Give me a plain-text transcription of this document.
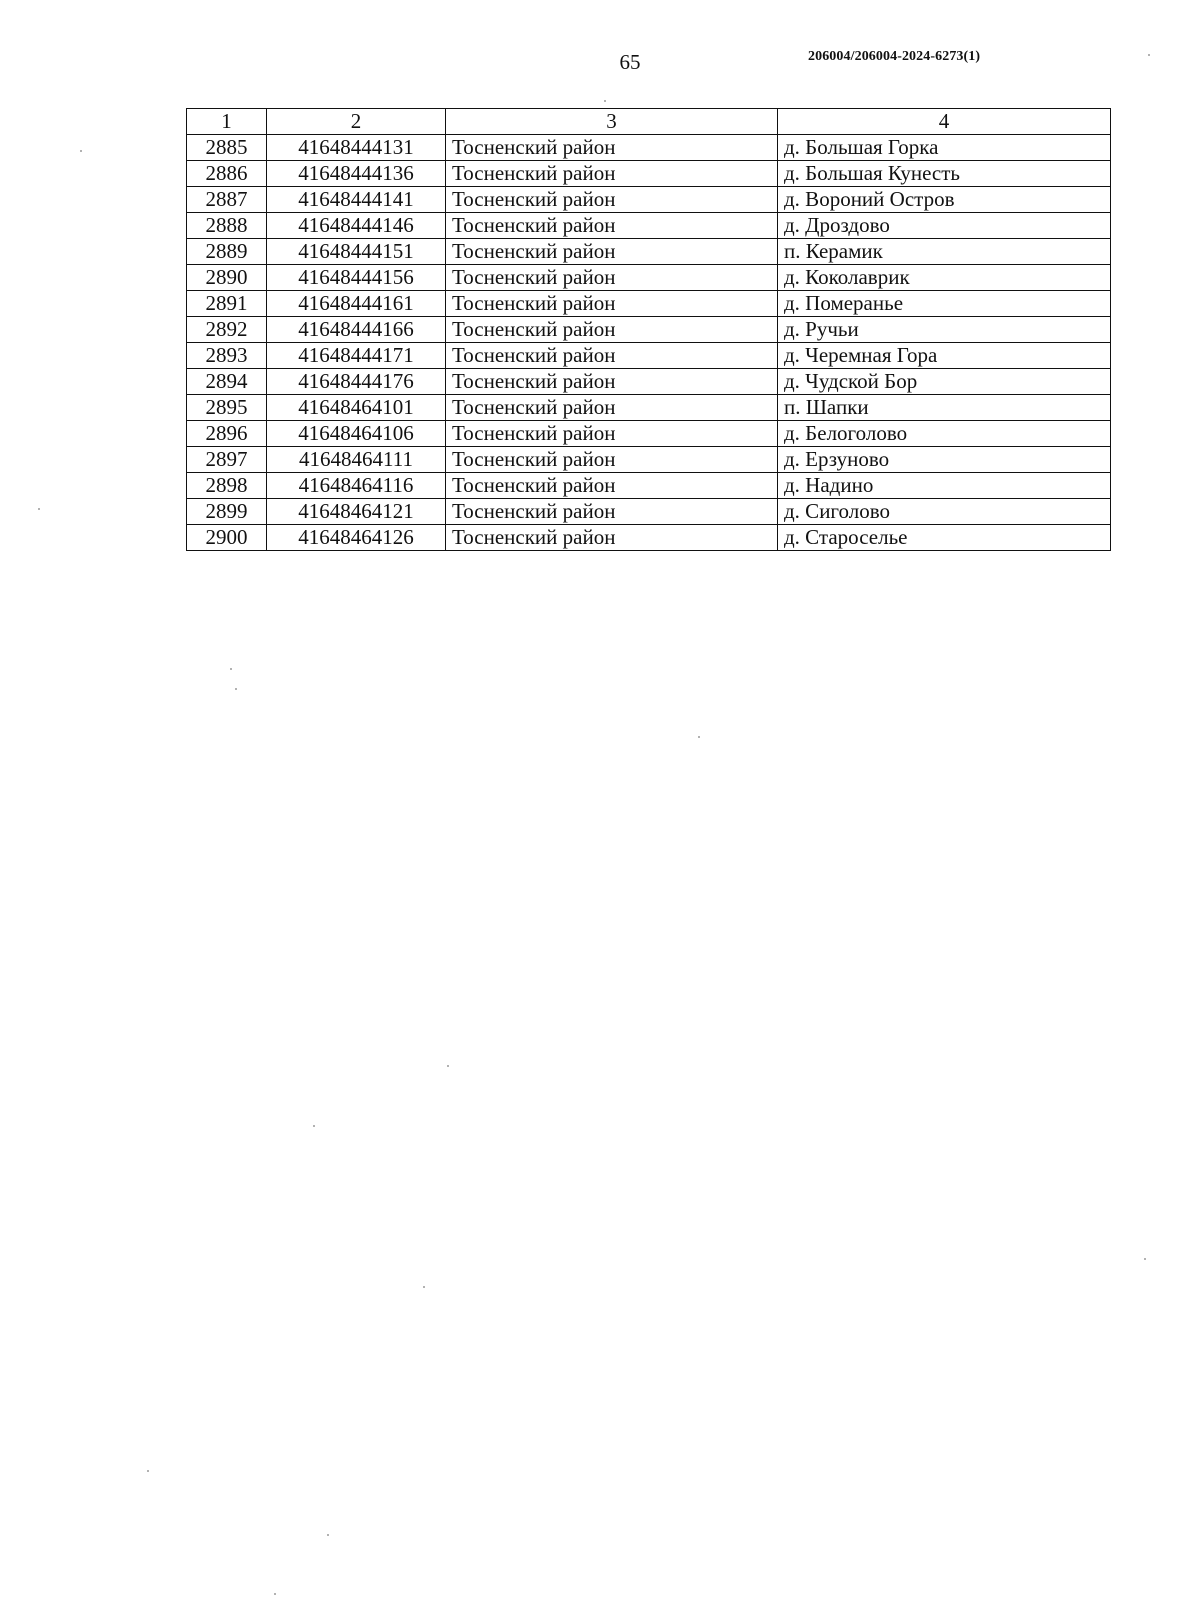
65	206004/206004-2024-6273(1)
1	2	3	4
2885	41648444131	Тосненский район	д. Большая Горка
2886	41648444136	Тосненский район	д. Большая Кунесть
2887	41648444141	Тосненский район	д. Вороний Остров
2888	41648444146	Тосненский район	д. Дроздово
2889	41648444151	Тосненский район	п. Керамик
2890	41648444156	Тосненский район	д. Коколаврик
2891	41648444161	Тосненский район	д. Померанье
2892	41648444166	Тосненский район	д. Ручьи
2893	41648444171	Тосненский район	д. Черемная Гора
2894	41648444176	Тосненский район	д. Чудской Бор
2895	41648464101	Тосненский район	п. Шапки
2896	41648464106	Тосненский район	д. Белоголово
2897	41648464111	Тосненский район	д. Ерзуново
2898	41648464116	Тосненский район	д. Надино
2899	41648464121	Тосненский район	д. Сиголово
2900	41648464126	Тосненский район	д. Староселье
